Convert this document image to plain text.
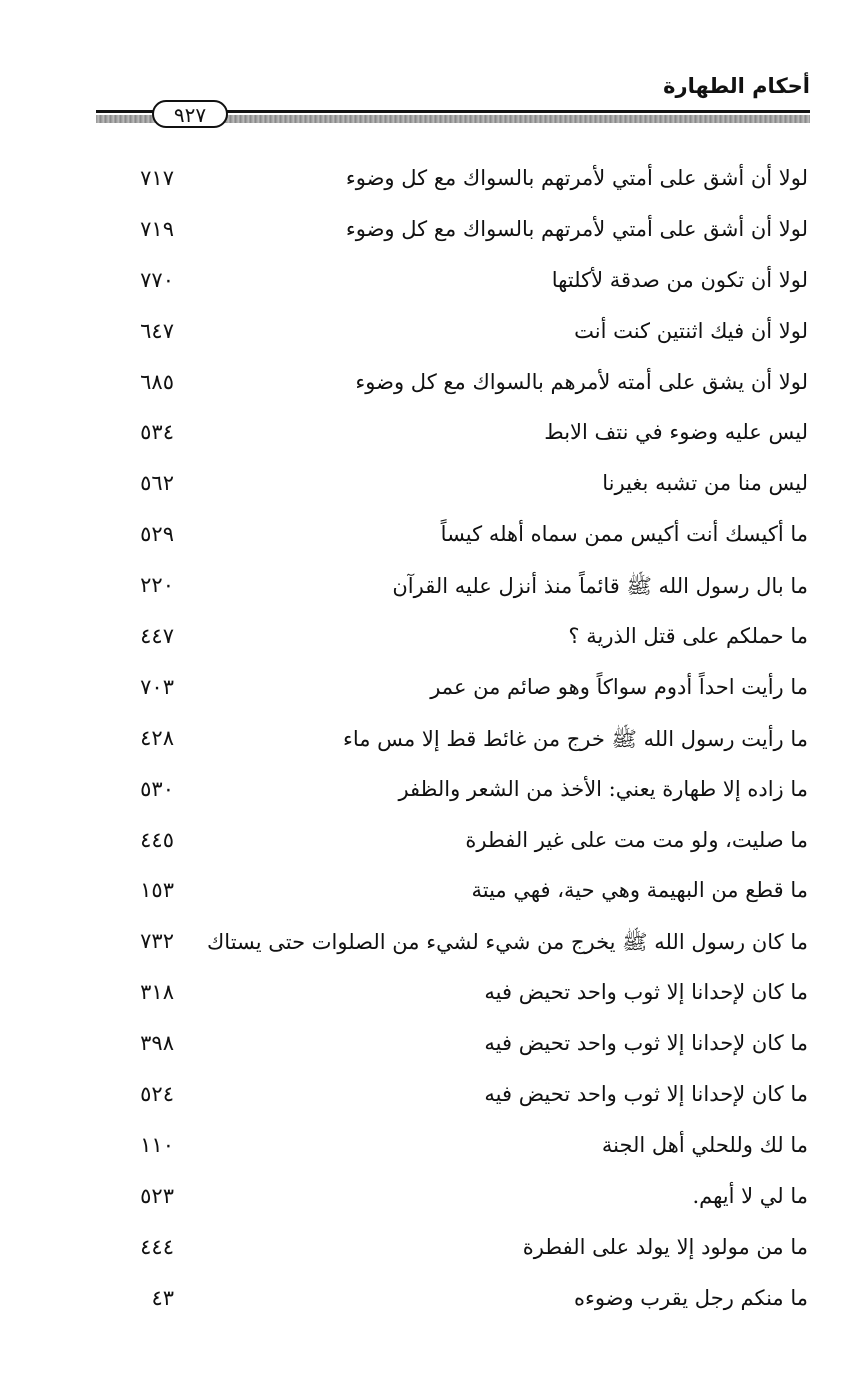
أحكام الطهارة
٩٢٧
لولا أن أشق على أمتي لأمرتهم بالسواك مع كل وضوء
٧١٧
لولا أن أشق على أمتي لأمرتهم بالسواك مع كل وضوء
٧١٩
لولا أن تكون من صدقة لأكلتها
٧٧٠
لولا أن فيك اثنتين كنت أنت
٦٤٧
لولا أن يشق على أمته لأمرهم بالسواك مع كل وضوء
٦٨٥
ليس عليه وضوء في نتف الابط
٥٣٤
ليس منا من تشبه بغيرنا
٥٦٢
ما أكيسك أنت أكيس ممن سماه أهله كيساً
٥٢٩
ما بال رسول الله ﷺ قائماً منذ أنزل عليه القرآن
٢٢٠
ما حملكم على قتل الذرية ؟
٤٤٧
ما رأيت احداً أدوم سواكاً وهو صائم من عمر
٧٠٣
ما رأيت رسول الله ﷺ خرج من غائط قط إلا مس ماء
٤٢٨
ما زاده إلا طهارة يعني: الأخذ من الشعر والظفر
٥٣٠
ما صليت، ولو مت مت على غير الفطرة
٤٤٥
ما قطع من البهيمة وهي حية، فهي ميتة
١٥٣
ما كان رسول الله ﷺ يخرج من شيء لشيء من الصلوات حتى يستاك
٧٣٢
ما كان لإحدانا إلا ثوب واحد تحيض فيه
٣١٨
ما كان لإحدانا إلا ثوب واحد تحيض فيه
٣٩٨
ما كان لإحدانا إلا ثوب واحد تحيض فيه
٥٢٤
ما لك وللحلي أهل الجنة
١١٠
ما لي لا أيهم.
٥٢٣
ما من مولود إلا يولد على الفطرة
٤٤٤
ما منكم رجل يقرب وضوءه
٤٣
